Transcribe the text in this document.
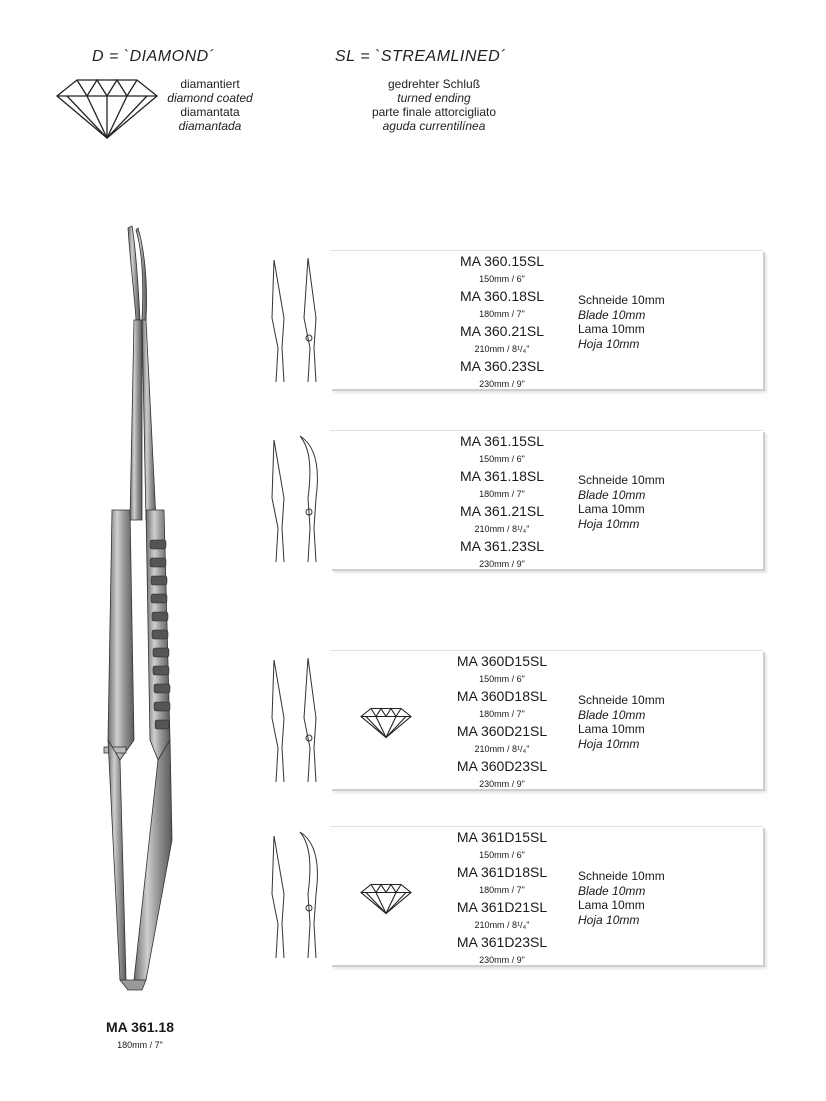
D = `DIAMOND´
diamantiert
diamond coated
diamantata
diamantada
SL = `STREAMLINED´
gedrehter Schluß
turned ending
parte finale attorcigliato
aguda currentilínea
MA 361.18
180mm / 7"
MA 360.15SL
150mm / 6"
MA 360.18SL
180mm / 7"
MA 360.21SL
210mm / 8¹/₄"
MA 360.23SL
230mm / 9"
Schneide 10mm
Blade 10mm
Lama 10mm
Hoja 10mm
MA 361.15SL
150mm / 6"
MA 361.18SL
180mm / 7"
MA 361.21SL
210mm / 8¹/₄"
MA 361.23SL
230mm / 9"
Schneide 10mm
Blade 10mm
Lama 10mm
Hoja 10mm
MA 360D15SL
150mm / 6"
MA 360D18SL
180mm / 7"
MA 360D21SL
210mm / 8¹/₄"
MA 360D23SL
230mm / 9"
Schneide 10mm
Blade 10mm
Lama 10mm
Hoja 10mm
MA 361D15SL
150mm / 6"
MA 361D18SL
180mm / 7"
MA 361D21SL
210mm / 8¹/₄"
MA 361D23SL
230mm / 9"
Schneide 10mm
Blade 10mm
Lama 10mm
Hoja 10mm
